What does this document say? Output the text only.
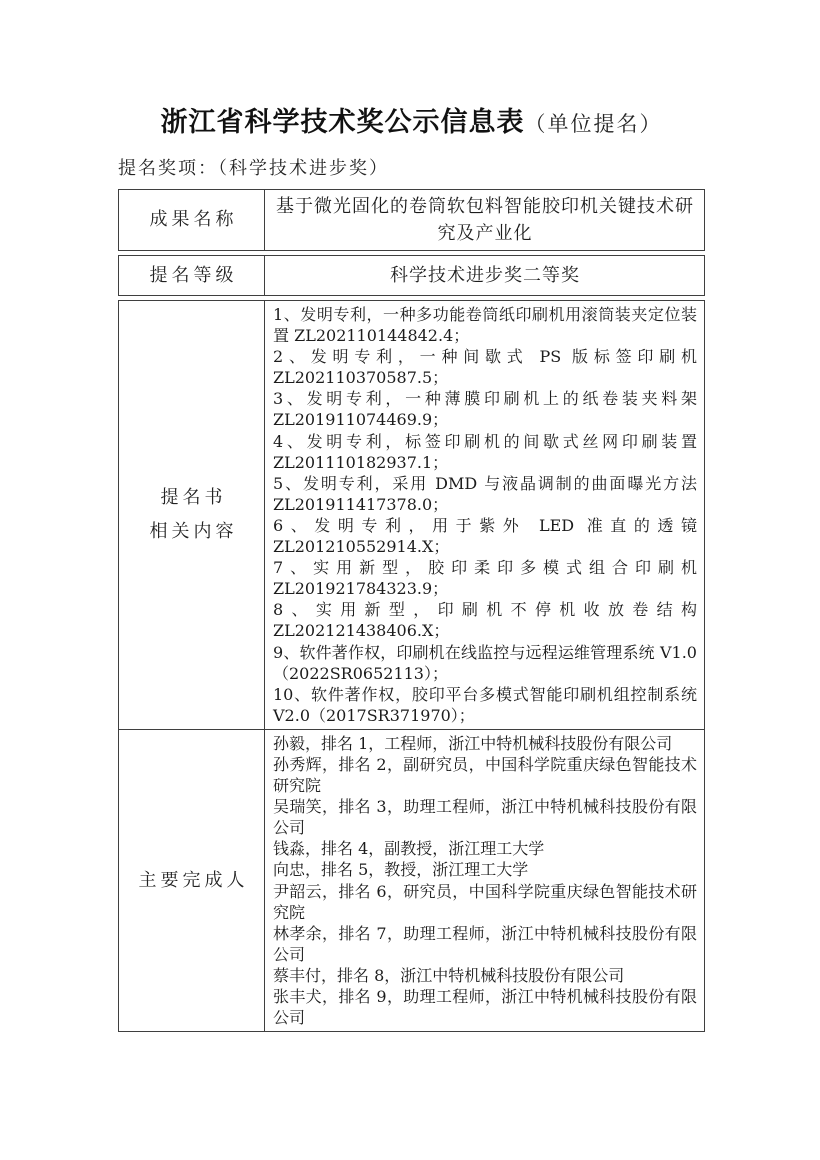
浙江省科学技术奖公示信息表（单位提名）
提名奖项：（科学技术进步奖）
成果名称
基于微光固化的卷筒软包料智能胶印机关键技术研究及产业化
提名等级	科学技术进步奖二等奖
提名书
相关内容

1、发明专利，一种多功能卷筒纸印刷机用滚筒装夹定位装置 ZL202110144842.4；

2、发明专利，一种间歇式 PS 版标签印刷机 ZL202110370587.5；

3、发明专利，一种薄膜印刷机上的纸卷装夹料架 ZL201911074469.9；

4、发明专利，标签印刷机的间歇式丝网印刷装置 ZL201110182937.1；

5、发明专利，采用 DMD 与液晶调制的曲面曝光方法 ZL201911417378.0；

6、发明专利，用于紫外 LED 准直的透镜 ZL201210552914.X；

7、实用新型，胶印柔印多模式组合印刷机 ZL201921784323.9；

8、实用新型，印刷机不停机收放卷结构 ZL202121438406.X；

9、软件著作权，印刷机在线监控与远程运维管理系统 V1.0（2022SR0652113）；

10、软件著作权，胶印平台多模式智能印刷机组控制系统 V2.0（2017SR371970）；

主要完成人

孙毅，排名 1，工程师，浙江中特机械科技股份有限公司

孙秀辉，排名 2，副研究员，中国科学院重庆绿色智能技术研究院

吴瑞笑，排名 3，助理工程师，浙江中特机械科技股份有限公司

钱淼，排名 4，副教授，浙江理工大学

向忠，排名 5，教授，浙江理工大学

尹韶云，排名 6，研究员，中国科学院重庆绿色智能技术研究院

林孝余，排名 7，助理工程师，浙江中特机械科技股份有限公司

蔡丰付，排名 8，浙江中特机械科技股份有限公司

张丰犬，排名 9，助理工程师，浙江中特机械科技股份有限公司
